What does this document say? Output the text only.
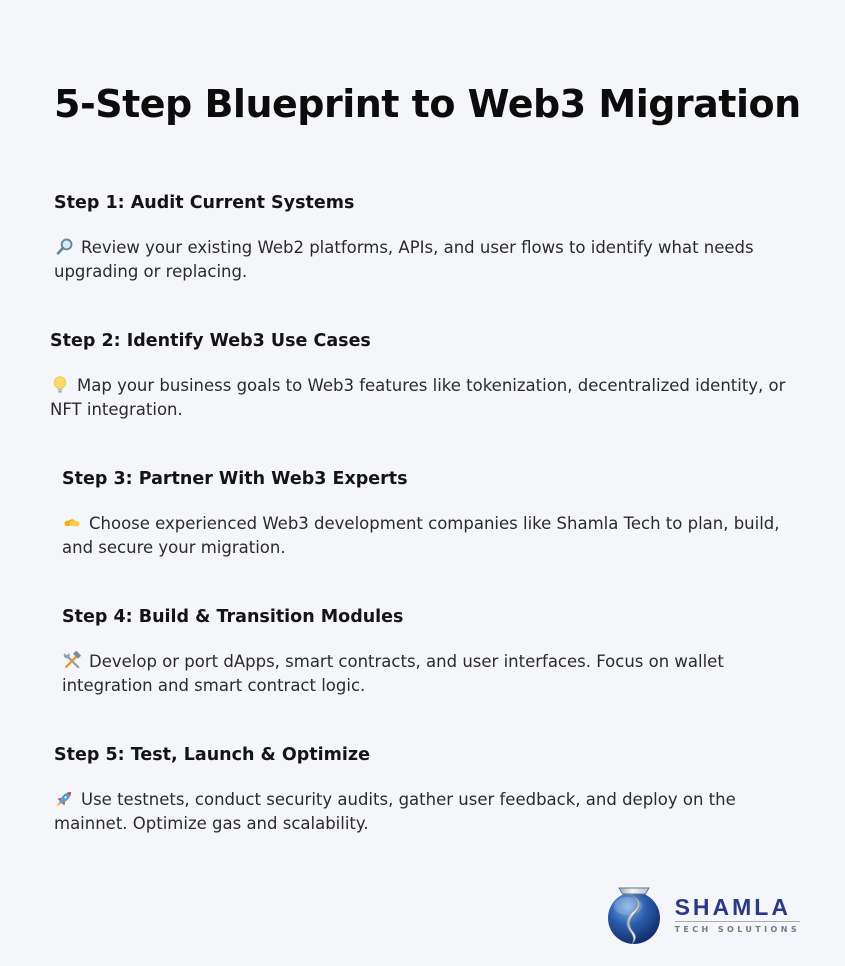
5-Step Blueprint to Web3 Migration
Step 1: Audit Current Systems
Review your existing Web2 platforms, APIs, and user flows to identify what needs
upgrading or replacing.
Step 2: Identify Web3 Use Cases
Map your business goals to Web3 features like tokenization, decentralized identity, or
NFT integration.
Step 3: Partner With Web3 Experts
Choose experienced Web3 development companies like Shamla Tech to plan, build,
and secure your migration.
Step 4: Build & Transition Modules
Develop or port dApps, smart contracts, and user interfaces. Focus on wallet
integration and smart contract logic.
Step 5: Test, Launch & Optimize
Use testnets, conduct security audits, gather user feedback, and deploy on the
mainnet. Optimize gas and scalability.
SHAMLA
TECH SOLUTIONS
